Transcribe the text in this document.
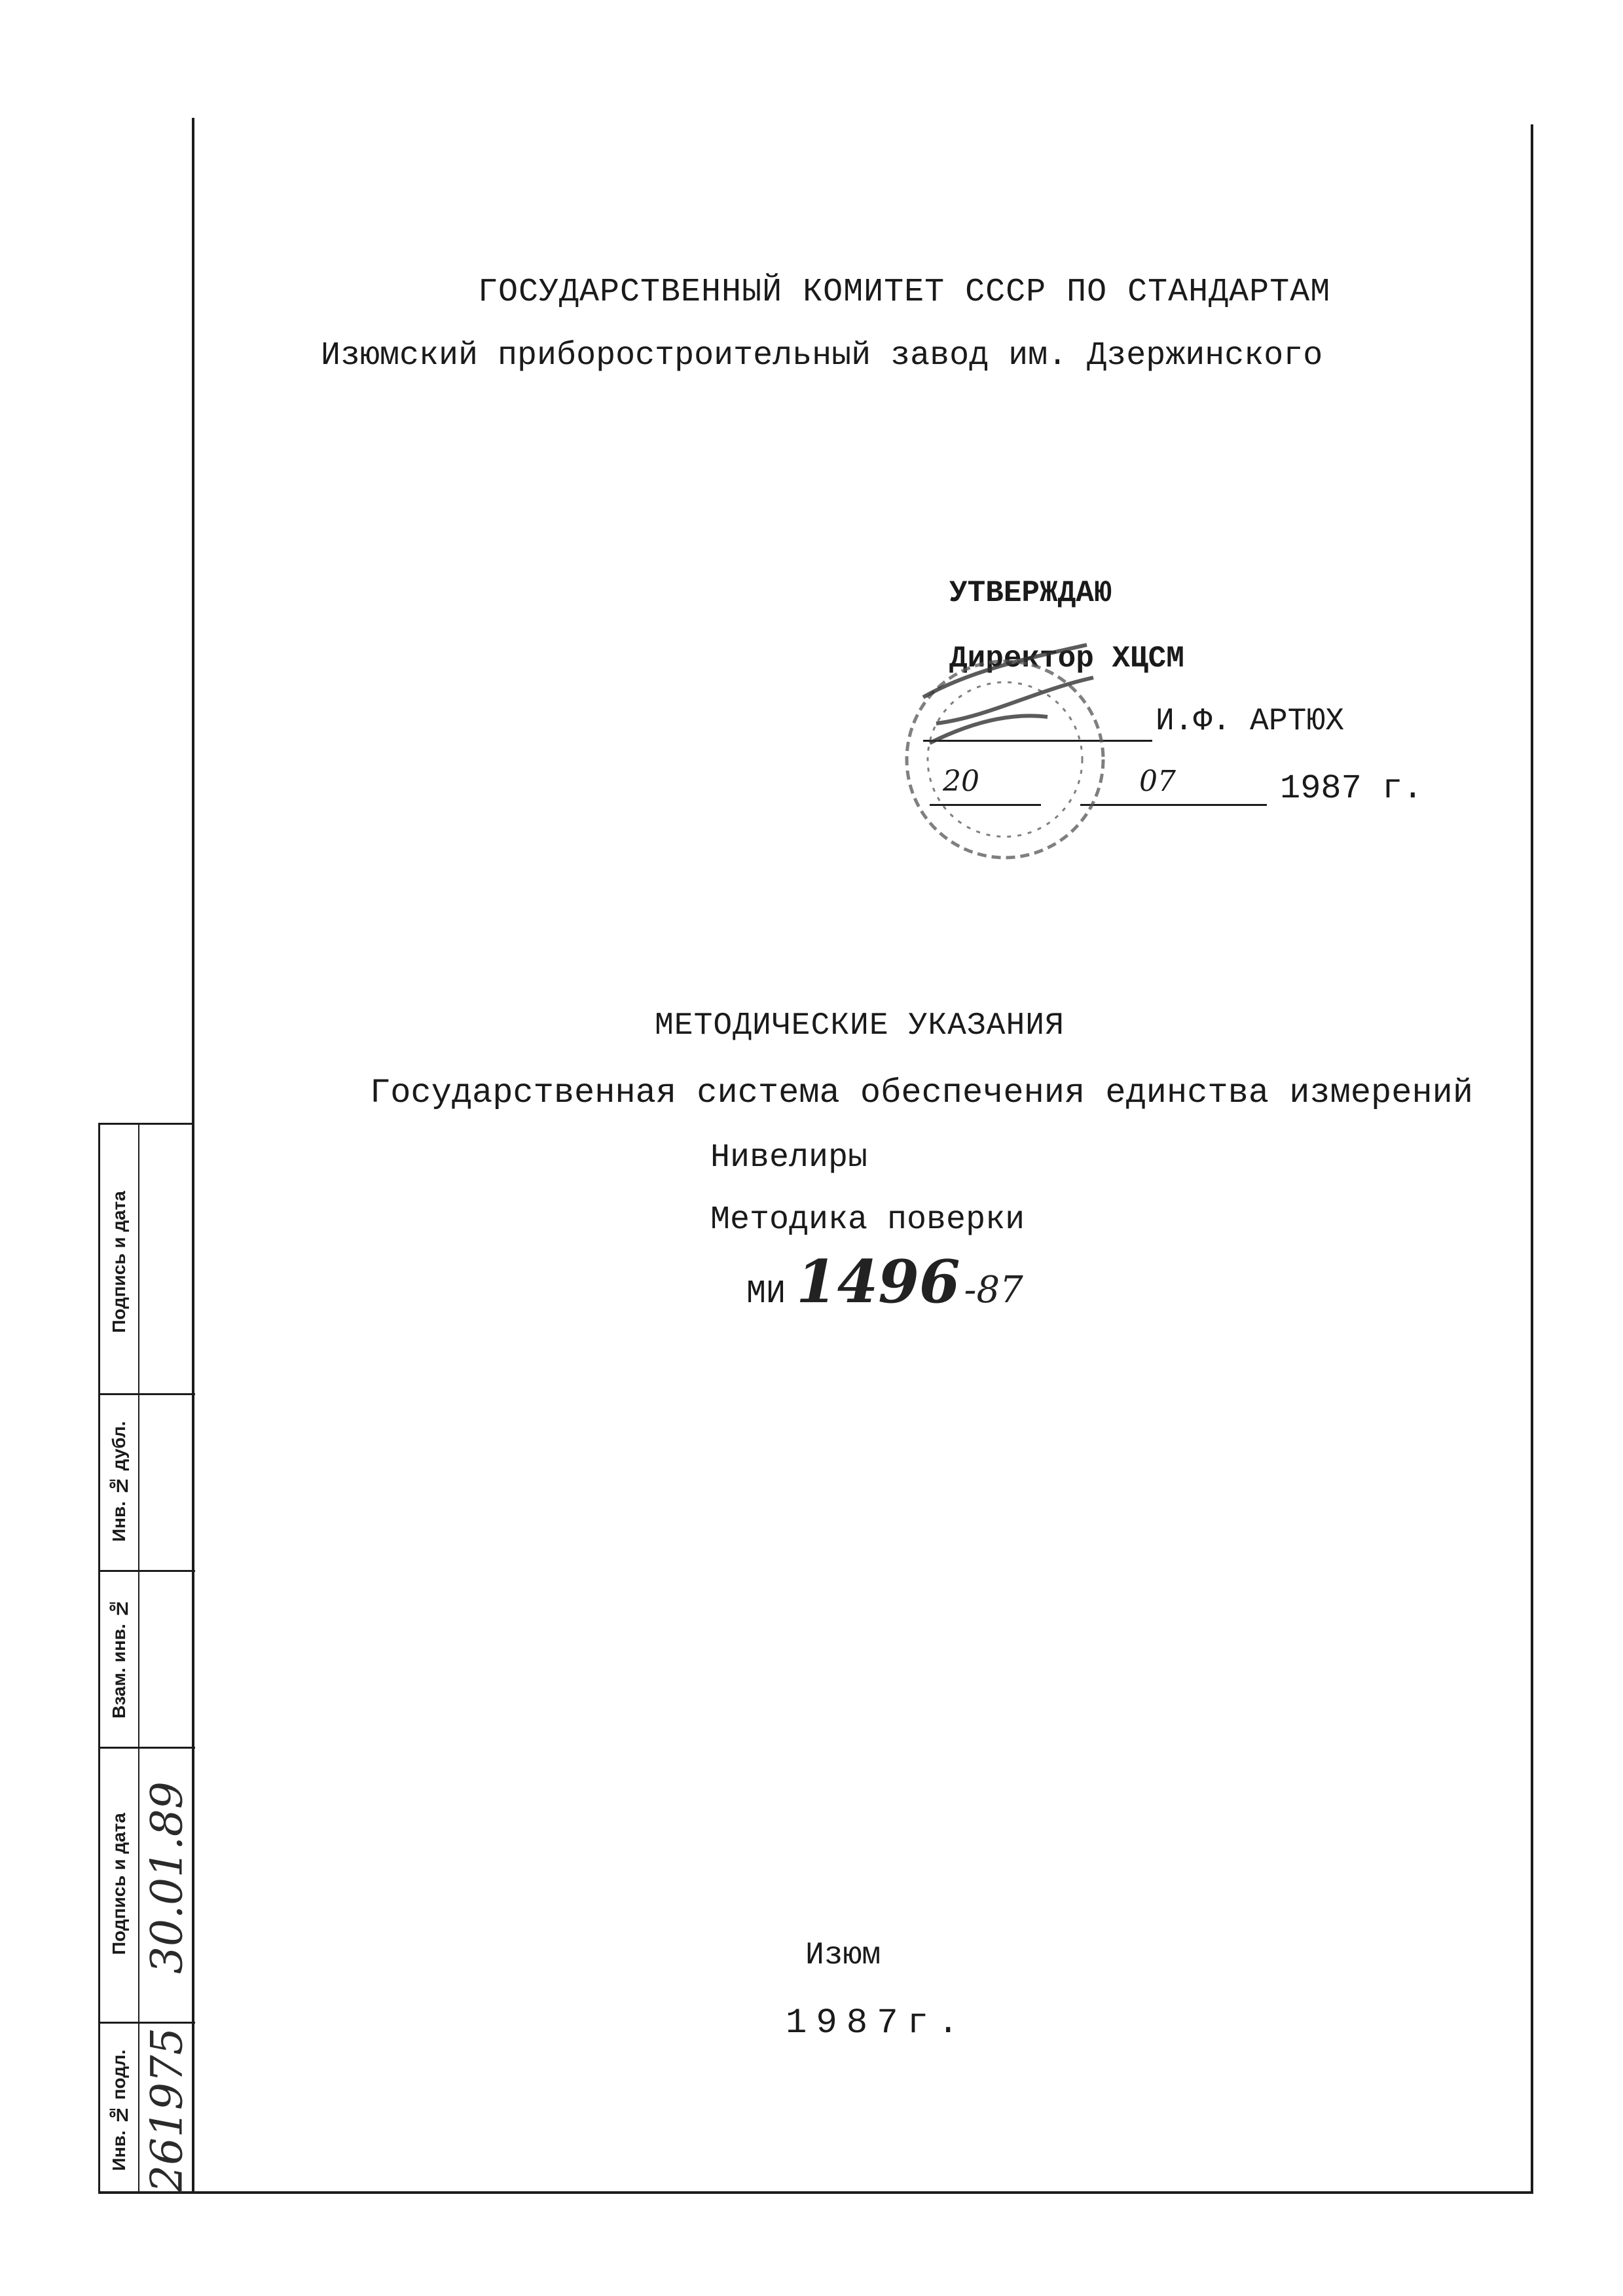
Подпись и дата
Инв. № дубл.
Взам. инв. №
Подпись и дата
Инв. № подл.
30.01.89
261975
ГОСУДАРСТВЕННЫЙ КОМИТЕТ СССР ПО СТАНДАРТАМ
Изюмский приборостроительный завод им. Дзержинского
УТВЕРЖДАЮ
Директор ХЦСМ
И.Ф. АРТЮХ
20	07	1987 г.
МЕТОДИЧЕСКИЕ УКАЗАНИЯ
Государственная система обеспечения единства измерений
Нивелиры
Методика поверки
МИ 1496 -87
Изюм
1987г.
